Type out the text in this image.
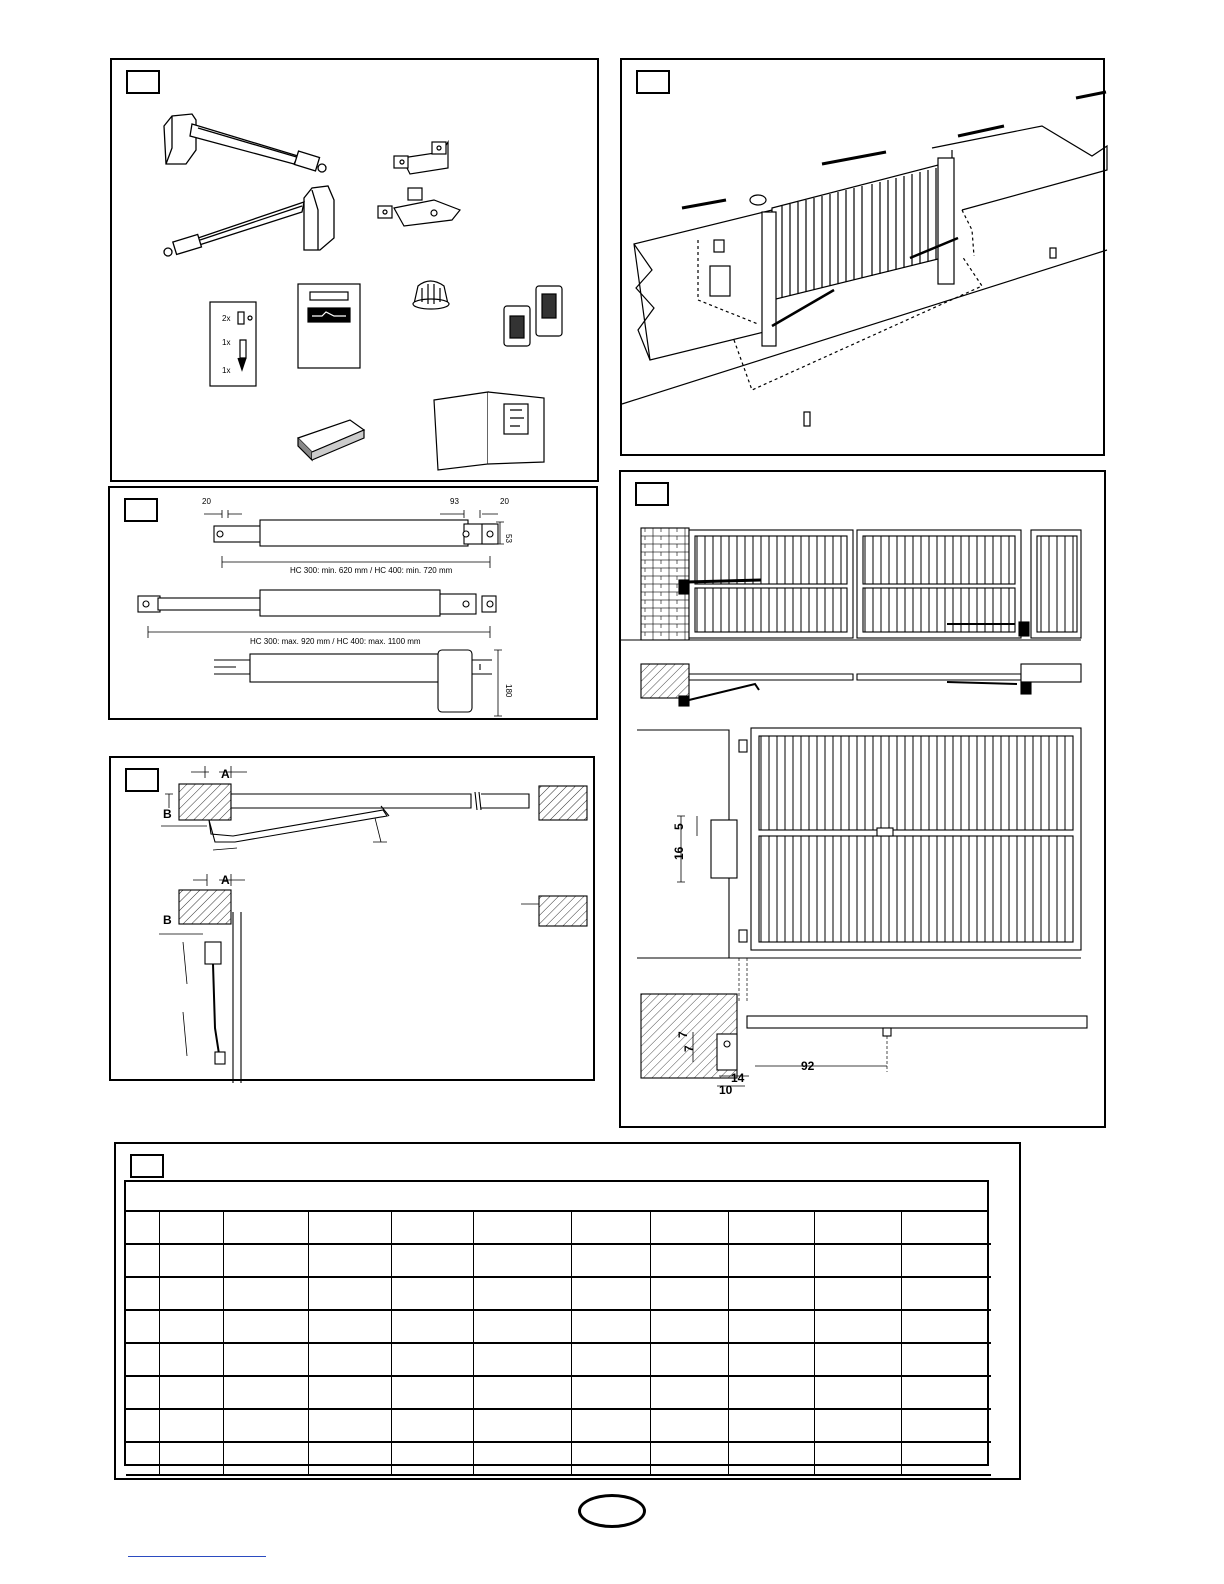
2x
1x
1x
20	93	20
53
HC 300: min. 620 mm / HC 400: min. 720 mm
HC 300: max. 920 mm / HC 400: max. 1100 mm
180
A
B
A
B
5
16
7
7
14
10
92
